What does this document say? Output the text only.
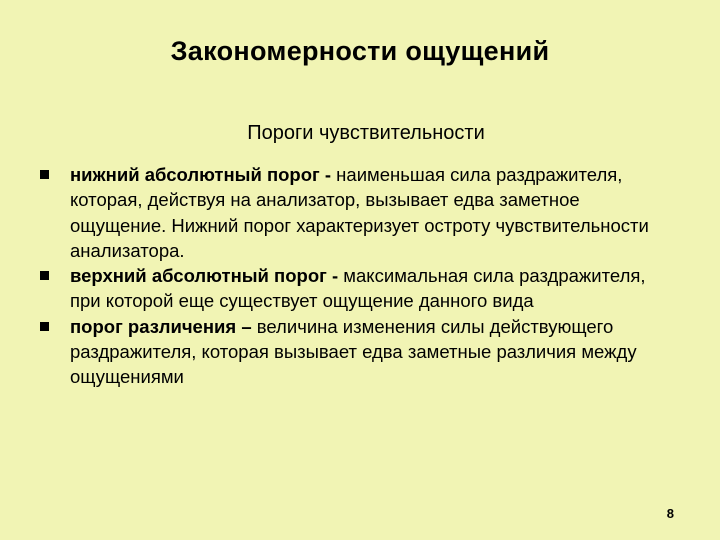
Закономерности ощущений
Пороги чувствительности
нижний абсолютный порог - наименьшая сила раздражителя, которая, действуя на анализатор, вызывает едва заметное ощущение. Нижний порог характеризует остроту чувствительности анализатора.
верхний абсолютный порог - максимальная сила раздражителя, при которой еще существует ощущение данного вида
порог различения – величина изменения силы действующего раздражителя, которая вызывает едва заметные различия между ощущениями
8
